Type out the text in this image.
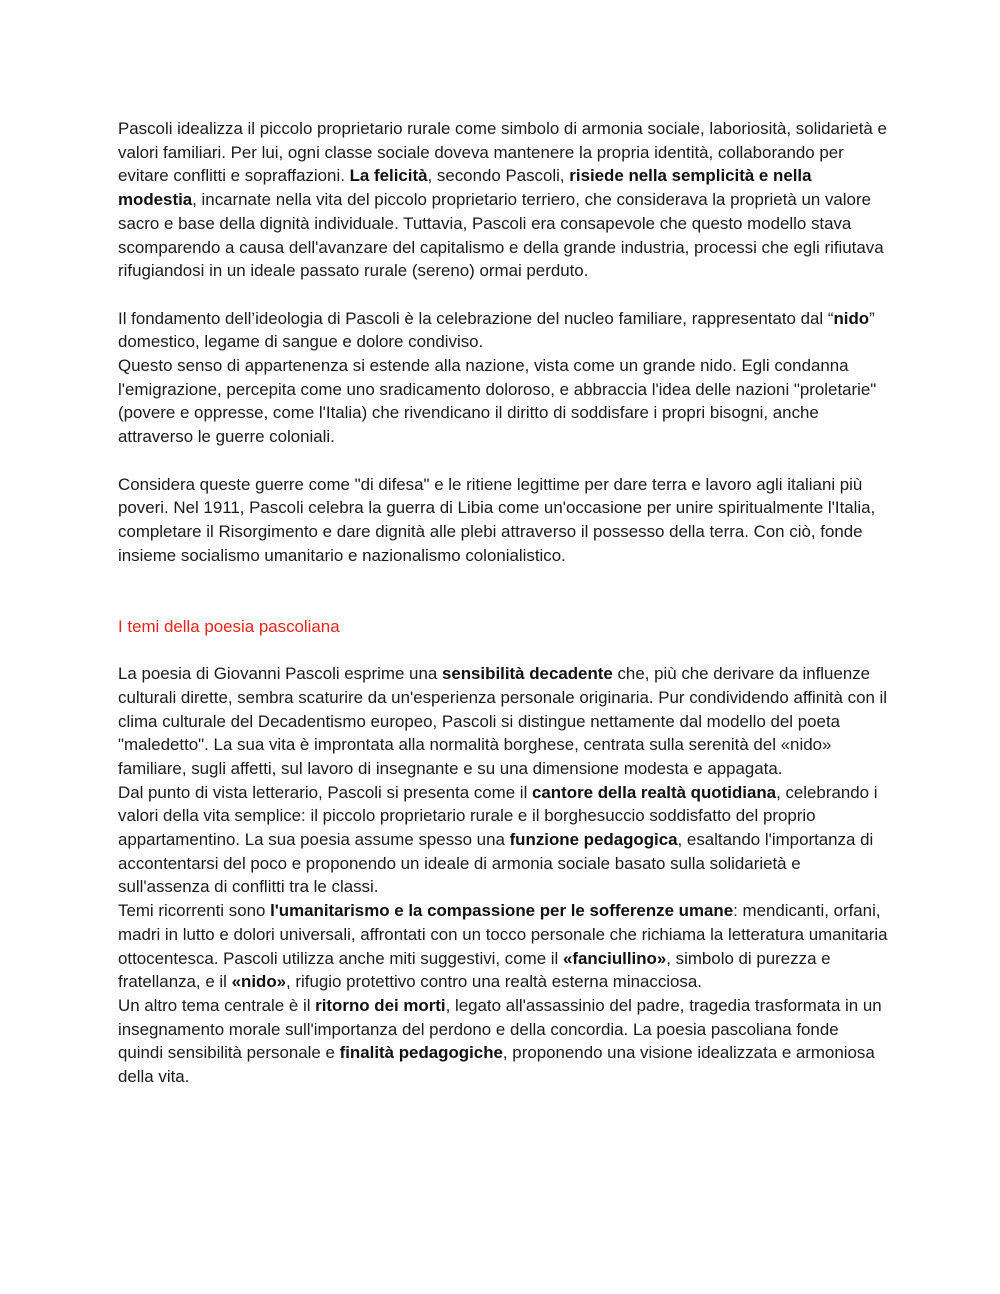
Pascoli idealizza il piccolo proprietario rurale come simbolo di armonia sociale, laboriosità, solidarietà e valori familiari. Per lui, ogni classe sociale doveva mantenere la propria identità, collaborando per evitare conflitti e sopraffazioni. La felicità, secondo Pascoli, risiede nella semplicità e nella modestia, incarnate nella vita del piccolo proprietario terriero, che considerava la proprietà un valore sacro e base della dignità individuale. Tuttavia, Pascoli era consapevole che questo modello stava scomparendo a causa dell'avanzare del capitalismo e della grande industria, processi che egli rifiutava rifugiandosi in un ideale passato rurale (sereno) ormai perduto.

Il fondamento dell’ideologia di Pascoli è la celebrazione del nucleo familiare, rappresentato dal “nido” domestico, legame di sangue e dolore condiviso.

Questo senso di appartenenza si estende alla nazione, vista come un grande nido. Egli condanna l'emigrazione, percepita come uno sradicamento doloroso, e abbraccia l'idea delle nazioni "proletarie" (povere e oppresse, come l'Italia) che rivendicano il diritto di soddisfare i propri bisogni, anche attraverso le guerre coloniali.

Considera queste guerre come "di difesa" e le ritiene legittime per dare terra e lavoro agli italiani più poveri. Nel 1911, Pascoli celebra la guerra di Libia come un'occasione per unire spiritualmente l'Italia, completare il Risorgimento e dare dignità alle plebi attraverso il possesso della terra. Con ciò, fonde insieme socialismo umanitario e nazionalismo colonialistico.

I temi della poesia pascoliana

La poesia di Giovanni Pascoli esprime una sensibilità decadente che, più che derivare da influenze culturali dirette, sembra scaturire da un'esperienza personale originaria. Pur condividendo affinità con il clima culturale del Decadentismo europeo, Pascoli si distingue nettamente dal modello del poeta "maledetto". La sua vita è improntata alla normalità borghese, centrata sulla serenità del «nido» familiare, sugli affetti, sul lavoro di insegnante e su una dimensione modesta e appagata.

Dal punto di vista letterario, Pascoli si presenta come il cantore della realtà quotidiana, celebrando i valori della vita semplice: il piccolo proprietario rurale e il borghesuccio soddisfatto del proprio appartamentino. La sua poesia assume spesso una funzione pedagogica, esaltando l'importanza di accontentarsi del poco e proponendo un ideale di armonia sociale basato sulla solidarietà e sull'assenza di conflitti tra le classi.

Temi ricorrenti sono l'umanitarismo e la compassione per le sofferenze umane: mendicanti, orfani, madri in lutto e dolori universali, affrontati con un tocco personale che richiama la letteratura umanitaria ottocentesca. Pascoli utilizza anche miti suggestivi, come il «fanciullino», simbolo di purezza e fratellanza, e il «nido», rifugio protettivo contro una realtà esterna minacciosa.

Un altro tema centrale è il ritorno dei morti, legato all'assassinio del padre, tragedia trasformata in un insegnamento morale sull'importanza del perdono e della concordia. La poesia pascoliana fonde quindi sensibilità personale e finalità pedagogiche, proponendo una visione idealizzata e armoniosa della vita.
